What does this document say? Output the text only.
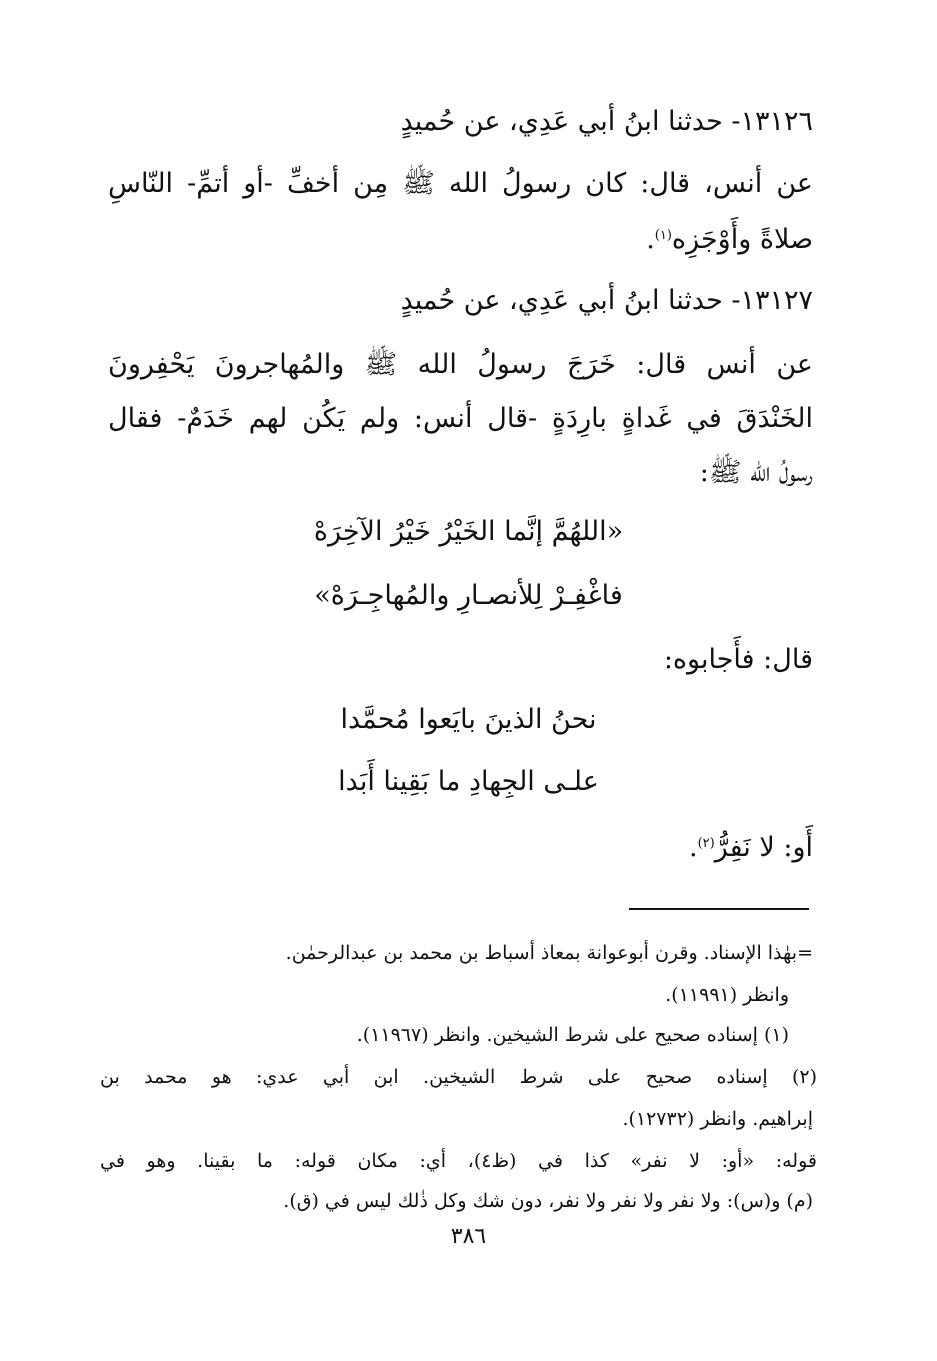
١٣١٢٦- حدثنا ابنُ أبي عَدِي، عن حُميدٍ
عن أنس، قال: كان رسولُ الله ﷺ مِن أخفِّ -أو أتمِّ- النّاسِ
صلاةً وأَوْجَزِه$^{(١)}$.
١٣١٢٧- حدثنا ابنُ أبي عَدِي، عن حُميدٍ
عن أنس قال: خَرَجَ رسولُ الله ﷺ والمُهاجرونَ يَحْفِرونَ
الخَنْدَقَ في غَداةٍ بارِدَةٍ -قال أنس: ولم يَكُن لهم خَدَمٌ- فقال
رسولُ الله ﷺ:
«اللهُمَّ إنَّما الخَيْرُ خَيْرُ الآخِرَهْ
فاغْفِـرْ لِلأنصـارِ والمُهاجِـرَهْ»
قال: فأَجابوه:
نحنُ الذينَ بايَعوا مُحمَّدا
علـى الجِهادِ ما بَقِينا أَبَدا
أَو: لا نَفِرُّ$^{(٢)}$.
=بهٰذا الإسناد. وقرن أبوعوانة بمعاذ أسباط بن محمد بن عبدالرحمٰن.
وانظر (١١٩٩١).
(١) إسناده صحيح على شرط الشيخين. وانظر (١١٩٦٧).
(٢) إسناده صحيح على شرط الشيخين. ابن أبي عدي: هو محمد بن
إبراهيم. وانظر (١٢٧٣٢).
قوله: «أو: لا نفر» كذا في (ظ٤)، أي: مكان قوله: ما بقينا. وهو في
(م) و(س): ولا نفر ولا نفر ولا نفر، دون شك وكل ذٰلك ليس في (ق).
٣٨٦
